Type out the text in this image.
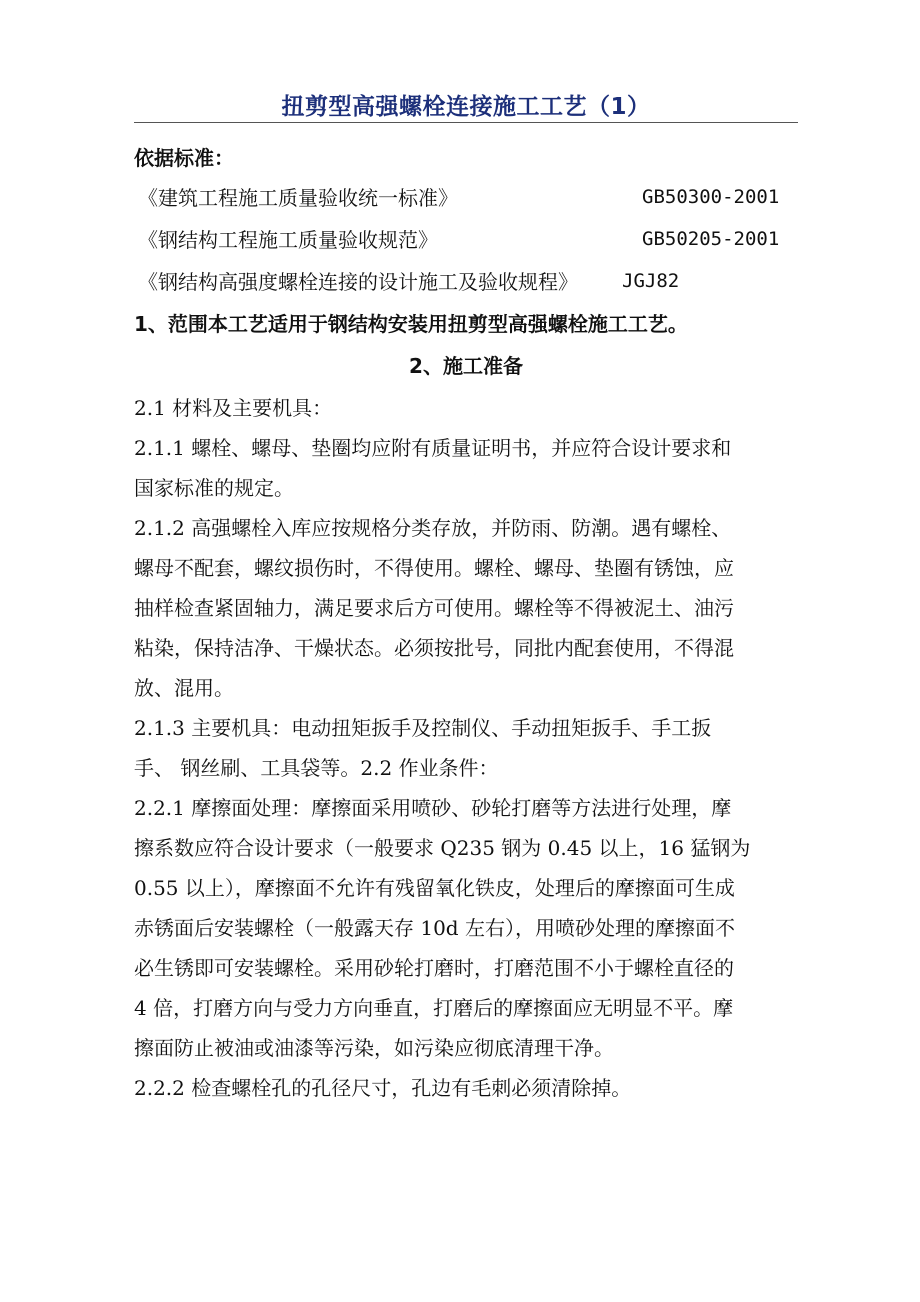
扭剪型高强螺栓连接施工工艺（1）
依据标准：
《建筑工程施工质量验收统一标准》	GB50300-2001
《钢结构工程施工质量验收规范》	GB50205-2001
《钢结构高强度螺栓连接的设计施工及验收规程》 JGJ82
1、范围本工艺适用于钢结构安装用扭剪型高强螺栓施工工艺。
2、施工准备
2.1 材料及主要机具：
2.1.1 螺栓、螺母、垫圈均应附有质量证明书，并应符合设计要求和
国家标准的规定。
2.1.2 高强螺栓入库应按规格分类存放，并防雨、防潮。遇有螺栓、
螺母不配套，螺纹损伤时，不得使用。螺栓、螺母、垫圈有锈蚀，应
抽样检查紧固轴力，满足要求后方可使用。螺栓等不得被泥土、油污
粘染，保持洁净、干燥状态。必须按批号，同批内配套使用，不得混
放、混用。
2.1.3 主要机具：电动扭矩扳手及控制仪、手动扭矩扳手、手工扳
手、 钢丝刷、工具袋等。2.2 作业条件：
2.2.1 摩擦面处理：摩擦面采用喷砂、砂轮打磨等方法进行处理，摩
擦系数应符合设计要求（一般要求 Q235 钢为 0.45 以上，16 猛钢为
0.55 以上），摩擦面不允许有残留氧化铁皮，处理后的摩擦面可生成
赤锈面后安装螺栓（一般露天存 10d 左右），用喷砂处理的摩擦面不
必生锈即可安装螺栓。采用砂轮打磨时，打磨范围不小于螺栓直径的
4 倍，打磨方向与受力方向垂直，打磨后的摩擦面应无明显不平。摩
擦面防止被油或油漆等污染，如污染应彻底清理干净。
2.2.2 检查螺栓孔的孔径尺寸，孔边有毛刺必须清除掉。
